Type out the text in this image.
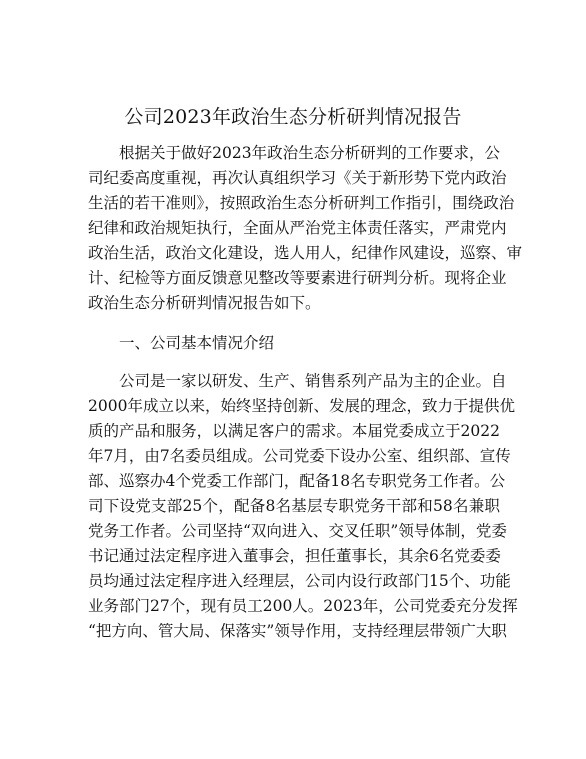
公司2023年政治生态分析研判情况报告
根据关于做好2023年政治生态分析研判的工作要求，公
司纪委高度重视，再次认真组织学习《关于新形势下党内政治
生活的若干准则》，按照政治生态分析研判工作指引，围绕政治
纪律和政治规矩执行，全面从严治党主体责任落实，严肃党内
政治生活，政治文化建设，选人用人，纪律作风建设，巡察、审
计、纪检等方面反馈意见整改等要素进行研判分析。现将企业
政治生态分析研判情况报告如下。
一、公司基本情况介绍
公司是一家以研发、生产、销售系列产品为主的企业。自
2000年成立以来，始终坚持创新、发展的理念，致力于提供优
质的产品和服务，以满足客户的需求。本届党委成立于2022
年7月，由7名委员组成。公司党委下设办公室、组织部、宣传
部、巡察办4个党委工作部门，配备18名专职党务工作者。公
司下设党支部25个，配备8名基层专职党务干部和58名兼职
党务工作者。公司坚持“双向进入、交叉任职”领导体制，党委
书记通过法定程序进入董事会，担任董事长，其余6名党委委
员均通过法定程序进入经理层，公司内设行政部门15个、功能
业务部门27个，现有员工200人。2023年，公司党委充分发挥
“把方向、管大局、保落实”领导作用，支持经理层带领广大职
